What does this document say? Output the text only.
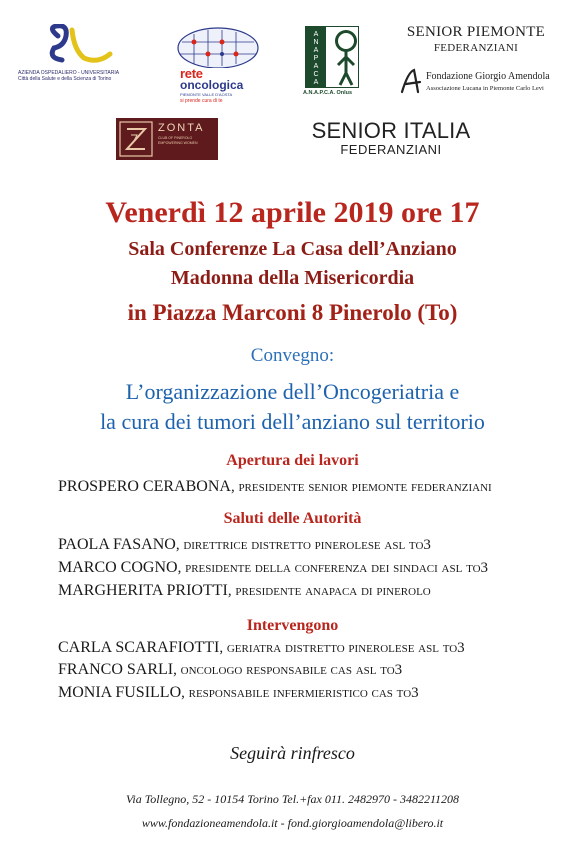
AZIENDA OSPEDALIERO - UNIVERSITARIA Città della Salute e della Scienza di Torino	rete
oncologica
PIEMONTE VALLE D'AOSTA
si prende cura di te
A
N
A
P
A
C
A
A.N.A.P.C.A. Onlus
SENIOR PIEMONTE
FEDERANZIANI
Fondazione Giorgio Amendola
Associazione Lucana in Piemonte Carlo Levi
ZONTA
CLUB OF PINEROLO EMPOWERING WOMEN	SENIOR ITALIA
FEDERANZIANI
Venerdì 12 aprile 2019 ore 17
Sala Conferenze La Casa dell’Anziano
Madonna della Misericordia
in Piazza Marconi 8 Pinerolo (To)
Convegno:
L’organizzazione dell’Oncogeriatria e
la cura dei tumori dell’anziano sul territorio
Apertura dei lavori
PROSPERO CERABONA, presidente senior piemonte federanziani
Saluti delle Autorità
PAOLA FASANO, direttrice distretto pinerolese asl to3
MARCO COGNO, presidente della conferenza dei sindaci asl to3
MARGHERITA PRIOTTI, presidente anapaca di pinerolo
Intervengono
CARLA SCARAFIOTTI, geriatra distretto pinerolese asl to3
FRANCO SARLI, oncologo responsabile cas asl to3
MONIA FUSILLO, responsabile infermieristico cas to3
Seguirà rinfresco
Via Tollegno, 52 - 10154 Torino Tel.+fax 011. 2482970 - 3482211208
www.fondazioneamendola.it - fond.giorgioamendola@libero.it
